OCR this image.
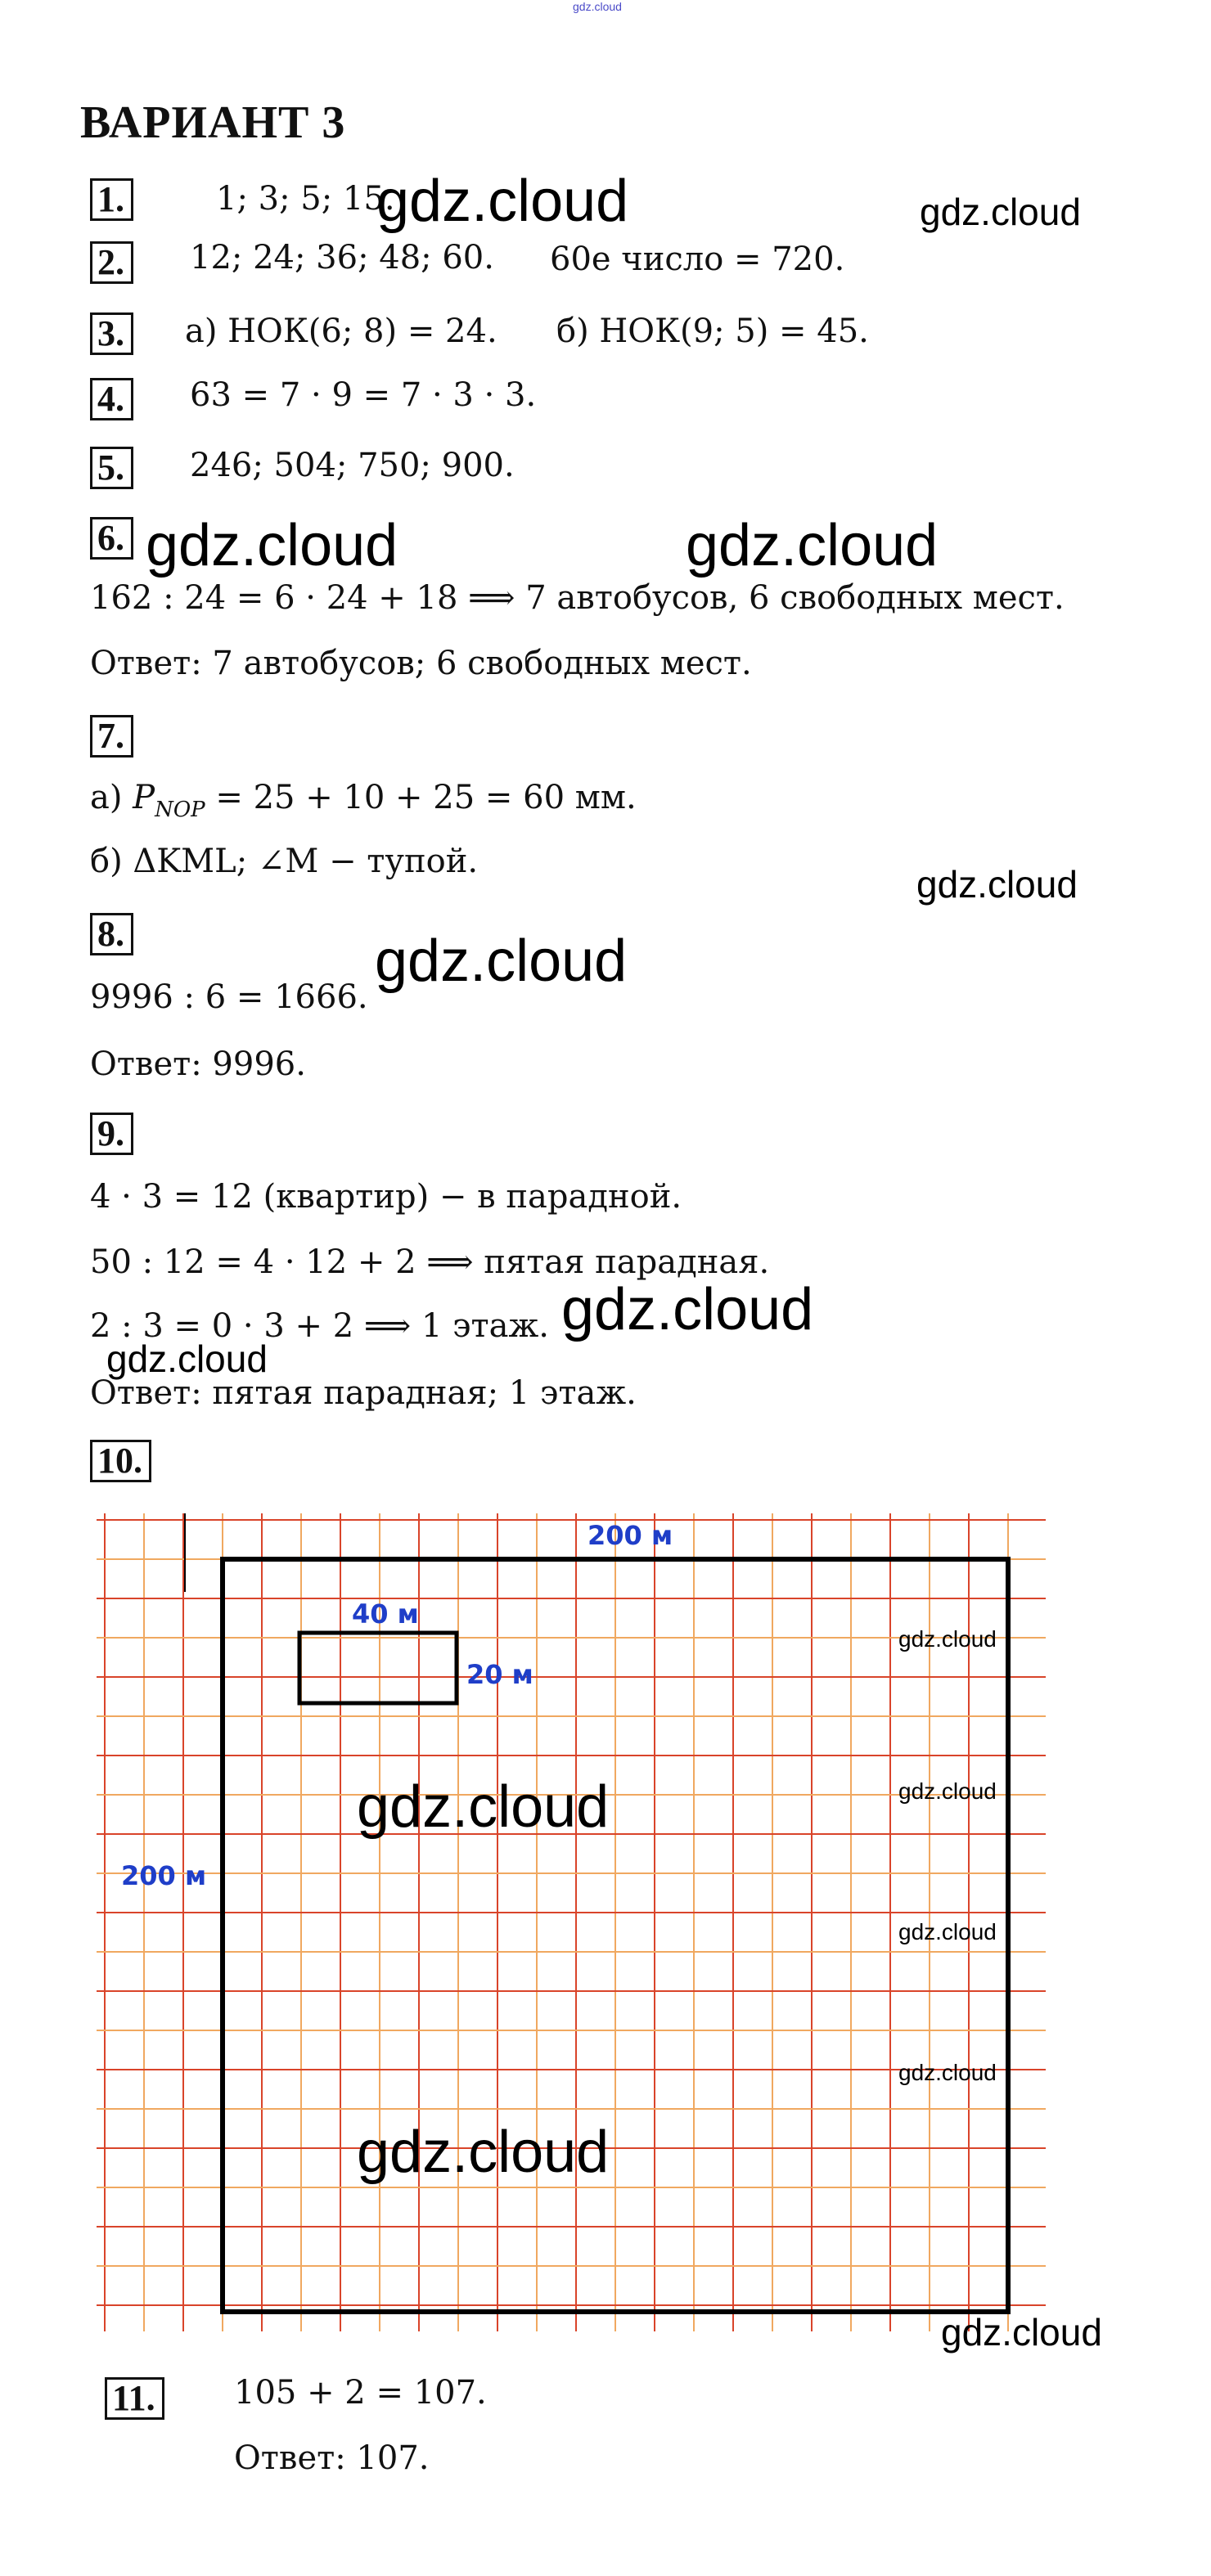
gdz.cloud
ВАРИАНТ 3
1.	1; 3; 5; 15.
gdz.cloud	gdz.cloud
2. 12; 24; 36; 48; 60. 60е число = 720.
3. а) НОК(6; 8) = 24. б) НОК(9; 5) = 45.
4. 63 = 7 · 9 = 7 · 3 · 3.
5. 246; 504; 750; 900.
6. gdz.cloud	gdz.cloud
162 : 24 = 6 · 24 + 18 ⟹ 7 автобусов, 6 свободных мест.
Ответ: 7 автобусов; 6 свободных мест.
7.
а) $P_{NOP} = 25 + 10 + 25 = 60$ мм.
б) ΔKML; ∠M − тупой.
gdz.cloud
8.	gdz.cloud
9996 : 6 = 1666.
Ответ: 9996.
9.
4 · 3 = 12 (квартир) − в парадной.
50 : 12 = 4 · 12 + 2 ⟹ пятая парадная.
2 : 3 = 0 · 3 + 2 ⟹ 1 этаж. gdz.cloud
gdz.cloud
Ответ: пятая парадная; 1 этаж.
10.
200 м
40 м
20 м
200 м
gdz.cloud
gdz.cloud
gdz.cloud
gdz.cloud
gdz.cloud
gdz.cloud
gdz.cloud
11. 105 + 2 = 107.
Ответ: 107.
